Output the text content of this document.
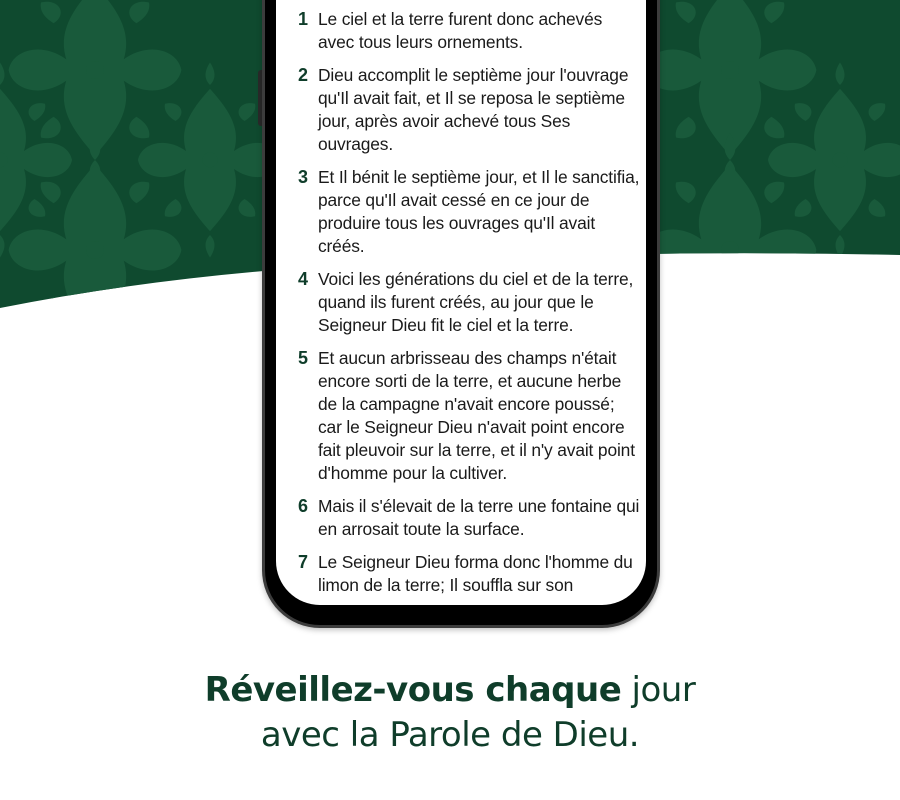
1 Le ciel et la terre furent donc achevés avec tous leurs ornements.
2 Dieu accomplit le septième jour l'ouvrage qu'Il avait fait, et Il se reposa le septième jour, après avoir achevé tous Ses ouvrages.
3 Et Il bénit le septième jour, et Il le sanctifia, parce qu'Il avait cessé en ce jour de produire tous les ouvrages qu'Il avait créés.
4 Voici les générations du ciel et de la terre, quand ils furent créés, au jour que le Seigneur Dieu fit le ciel et la terre.
5 Et aucun arbrisseau des champs n'était encore sorti de la terre, et aucune herbe de la campagne n'avait encore poussé; car le Seigneur Dieu n'avait point encore fait pleuvoir sur la terre, et il n'y avait point d'homme pour la cultiver.
6 Mais il s'élevait de la terre une fontaine qui en arrosait toute la surface.
7 Le Seigneur Dieu forma donc l'homme du limon de la terre; Il souffla sur son
Réveillez-vous chaque jour
avec la Parole de Dieu.
